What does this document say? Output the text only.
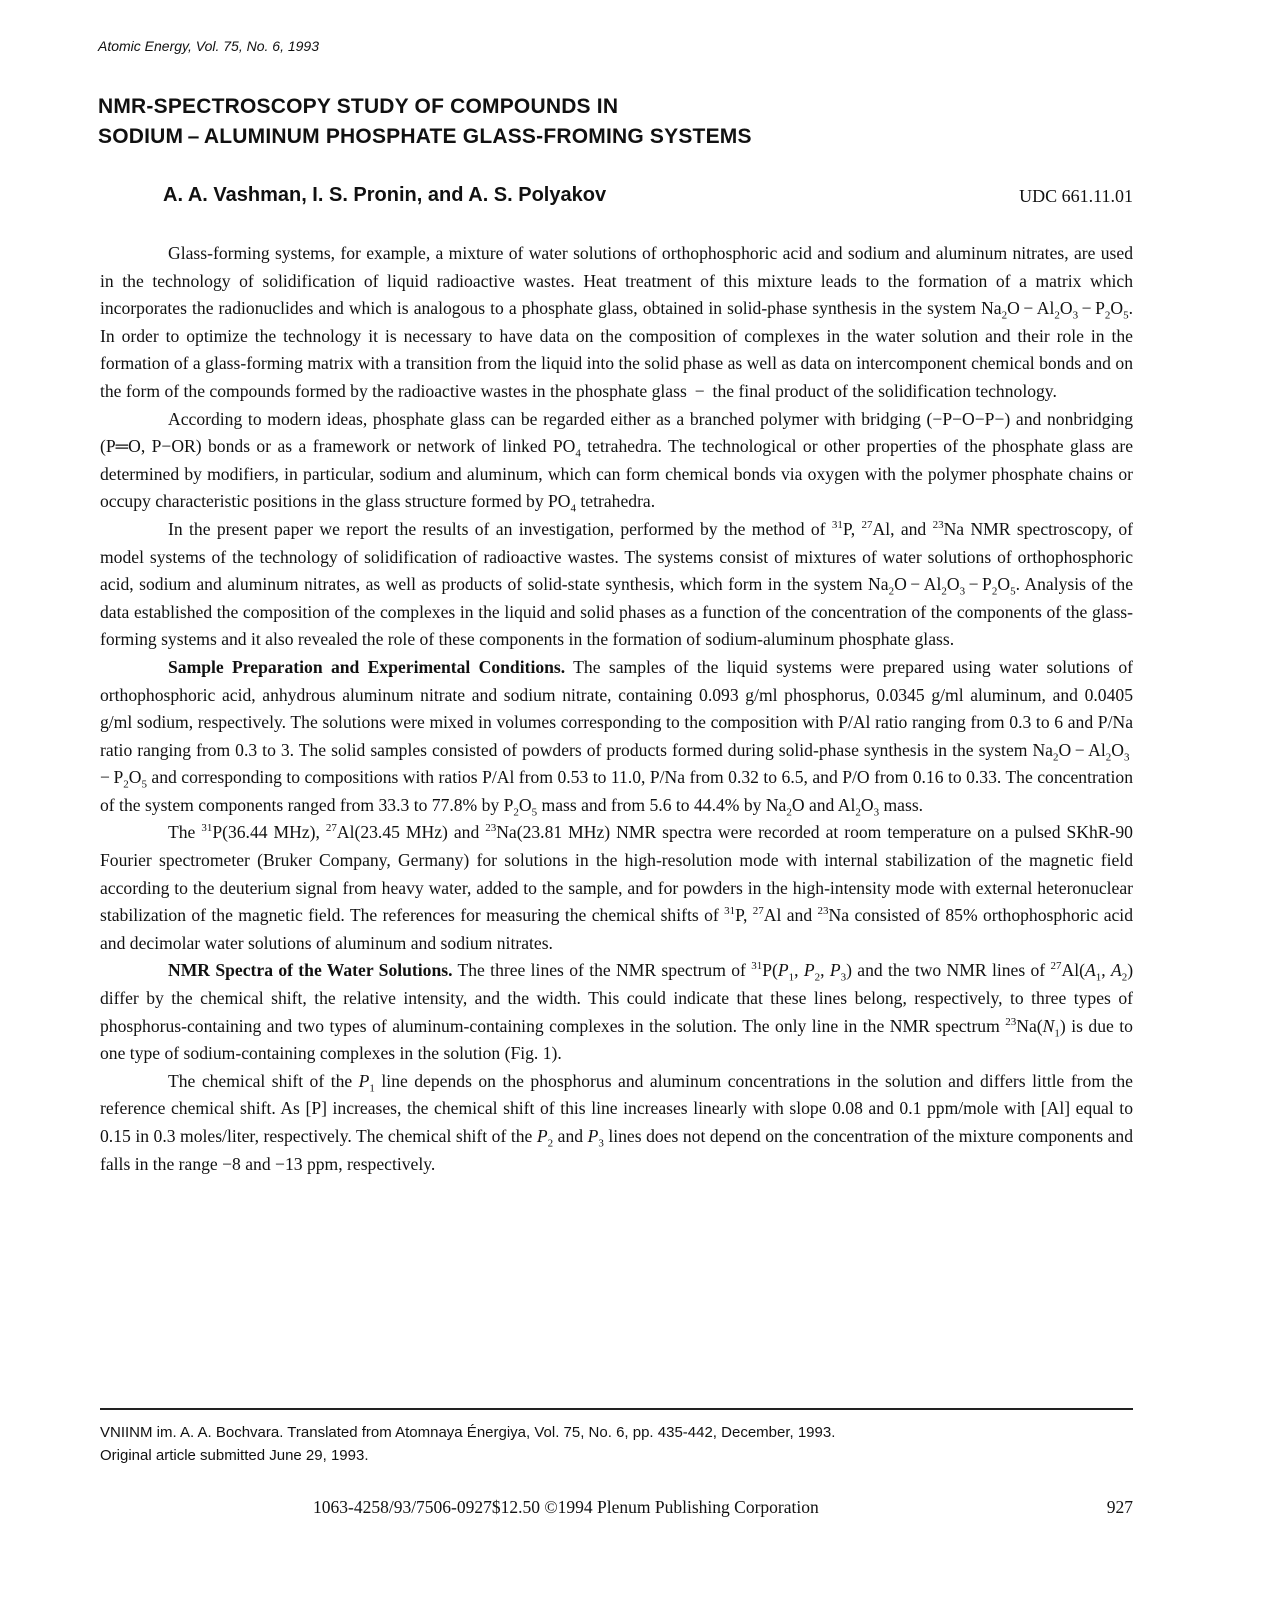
Atomic Energy, Vol. 75, No. 6, 1993
NMR-SPECTROSCOPY STUDY OF COMPOUNDS IN
SODIUM – ALUMINUM PHOSPHATE GLASS-FROMING SYSTEMS
A. A. Vashman, I. S. Pronin, and A. S. Polyakov	UDC 661.11.01

Glass-forming systems, for example, a mixture of water solutions of orthophosphoric acid and sodium and aluminum nitrates, are used in the technology of solidification of liquid radioactive wastes. Heat treatment of this mixture leads to the formation of a matrix which incorporates the radionuclides and which is analogous to a phosphate glass, obtained in solid-phase synthesis in the system $Na_2O - Al_2O_3 - P_2O_5$. In order to optimize the technology it is necessary to have data on the composition of complexes in the water solution and their role in the formation of a glass-forming matrix with a transition from the liquid into the solid phase as well as data on intercomponent chemical bonds and on the form of the compounds formed by the radioactive wastes in the phosphate glass  −  the final product of the solidification technology.

According to modern ideas, phosphate glass can be regarded either as a branched polymer with bridging (−P−O−P−) and nonbridging (P═O, P−OR) bonds or as a framework or network of linked $PO_4$ tetrahedra. The technological or other properties of the phosphate glass are determined by modifiers, in particular, sodium and aluminum, which can form chemical bonds via oxygen with the polymer phosphate chains or occupy characteristic positions in the glass structure formed by $PO_4$ tetrahedra.

In the present paper we report the results of an investigation, performed by the method of $^{31}$P, $^{27}$Al, and $^{23}$Na NMR spectroscopy, of model systems of the technology of solidification of radioactive wastes. The systems consist of mixtures of water solutions of orthophosphoric acid, sodium and aluminum nitrates, as well as products of solid-state synthesis, which form in the system $Na_2O - Al_2O_3 - P_2O_5$. Analysis of the data established the composition of the complexes in the liquid and solid phases as a function of the concentration of the components of the glass-forming systems and it also revealed the role of these components in the formation of sodium-aluminum phosphate glass.

Sample Preparation and Experimental Conditions. The samples of the liquid systems were prepared using water solutions of orthophosphoric acid, anhydrous aluminum nitrate and sodium nitrate, containing 0.093 g/ml phosphorus, 0.0345 g/ml aluminum, and 0.0405 g/ml sodium, respectively. The solutions were mixed in volumes corresponding to the composition with P/Al ratio ranging from 0.3 to 6 and P/Na ratio ranging from 0.3 to 3. The solid samples consisted of powders of products formed during solid-phase synthesis in the system $Na_2O - Al_2O_3 - P_2O_5$ and corresponding to compositions with ratios P/Al from 0.53 to 11.0, P/Na from 0.32 to 6.5, and P/O from 0.16 to 0.33. The concentration of the system components ranged from 33.3 to 77.8% by $P_2O_5$ mass and from 5.6 to 44.4% by $Na_2O$ and $Al_2O_3$ mass.

The $^{31}$P(36.44 MHz), $^{27}$Al(23.45 MHz) and $^{23}$Na(23.81 MHz) NMR spectra were recorded at room temperature on a pulsed SKhR-90 Fourier spectrometer (Bruker Company, Germany) for solutions in the high-resolution mode with internal stabilization of the magnetic field according to the deuterium signal from heavy water, added to the sample, and for powders in the high-intensity mode with external heteronuclear stabilization of the magnetic field. The references for measuring the chemical shifts of $^{31}$P, $^{27}$Al and $^{23}$Na consisted of 85% orthophosphoric acid and decimolar water solutions of aluminum and sodium nitrates.

NMR Spectra of the Water Solutions. The three lines of the NMR spectrum of $^{31}P(P_1$, $P_2$, $P_3$) and the two NMR lines of $^{27}Al(A_1$, $A_2$) differ by the chemical shift, the relative intensity, and the width. This could indicate that these lines belong, respectively, to three types of phosphorus-containing and two types of aluminum-containing complexes in the solution. The only line in the NMR spectrum $^{23}Na(N_1)$ is due to one type of sodium-containing complexes in the solution (Fig. 1).

The chemical shift of the $P_1$ line depends on the phosphorus and aluminum concentrations in the solution and differs little from the reference chemical shift. As [P] increases, the chemical shift of this line increases linearly with slope 0.08 and 0.1 ppm/mole with [Al] equal to 0.15 in 0.3 moles/liter, respectively. The chemical shift of the $P_2$ and $P_3$ lines does not depend on the concentration of the mixture components and falls in the range −8 and −13 ppm, respectively.

VNIINM im. A. A. Bochvara. Translated from Atomnaya Énergiya, Vol. 75, No. 6, pp. 435-442, December, 1993.
Original article submitted June 29, 1993.
1063-4258/93/7506-0927$12.50 ©1994 Plenum Publishing Corporation	927
